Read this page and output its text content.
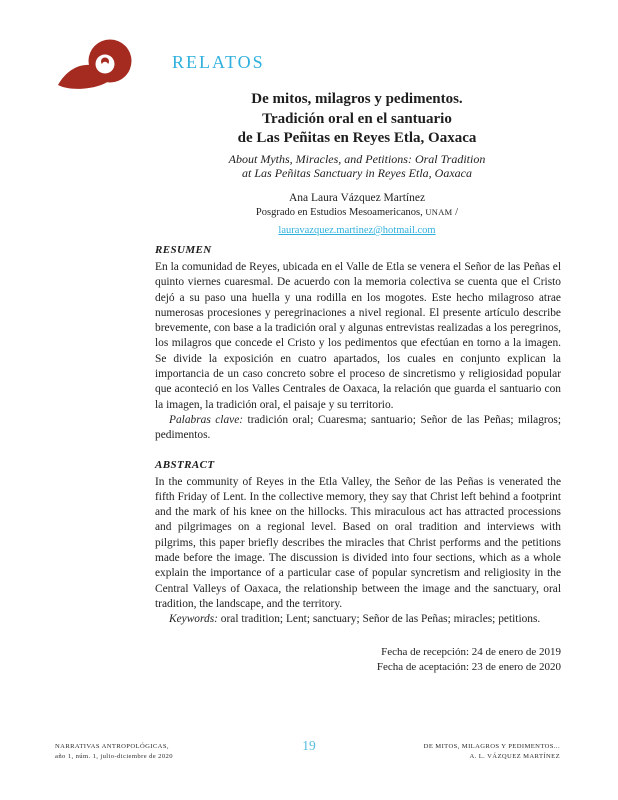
RELATOS
De mitos, milagros y pedimentos.
Tradición oral en el santuario
de Las Peñitas en Reyes Etla, Oaxaca
About Myths, Miracles, and Petitions: Oral Tradition
at Las Peñitas Sanctuary in Reyes Etla, Oaxaca
Ana Laura Vázquez Martínez
Posgrado en Estudios Mesoamericanos, UNAM /
lauravazquez.martinez@hotmail.com
RESUMEN

En la comunidad de Reyes, ubicada en el Valle de Etla se venera el Señor de las Peñas el quinto viernes cuaresmal. De acuerdo con la memoria colectiva se cuenta que el Cristo dejó a su paso una huella y una rodilla en los mogotes. Este hecho milagroso atrae numerosas procesiones y peregrinaciones a nivel regional. El presente artículo describe brevemente, con base a la tradición oral y algunas entrevistas realizadas a los peregrinos, los milagros que concede el Cristo y los pedimentos que efectúan en torno a la imagen. Se divide la exposición en cuatro apartados, los cuales en conjunto explican la importancia de un caso concreto sobre el proceso de sincretismo y religiosidad popular que aconteció en los Valles Centrales de Oaxaca, la relación que guarda el santuario con la imagen, la tradición oral, el paisaje y su territorio.

Palabras clave: tradición oral; Cuaresma; santuario; Señor de las Peñas; milagros; pedimentos.

ABSTRACT

In the community of Reyes in the Etla Valley, the Señor de las Peñas is venerated the fifth Friday of Lent. In the collective memory, they say that Christ left behind a footprint and the mark of his knee on the hillocks. This miraculous act has attracted processions and pilgrimages on a regional level. Based on oral tradition and interviews with pilgrims, this paper briefly describes the miracles that Christ performs and the petitions made before the image. The discussion is divided into four sections, which as a whole explain the importance of a particular case of popular syncretism and religiosity in the Central Valleys of Oaxaca, the relationship between the image and the sanctuary, oral tradition, the landscape, and the territory.

Keywords: oral tradition; Lent; sanctuary; Señor de las Peñas; miracles; petitions.

Fecha de recepción: 24 de enero de 2019
Fecha de aceptación: 23 de enero de 2020
NARRATIVAS ANTROPOLÓGICAS,
año 1, núm. 1, julio-diciembre de 2020
19	DE MITOS, MILAGROS Y PEDIMENTOS...
A. L. VÁZQUEZ MARTÍNEZ
